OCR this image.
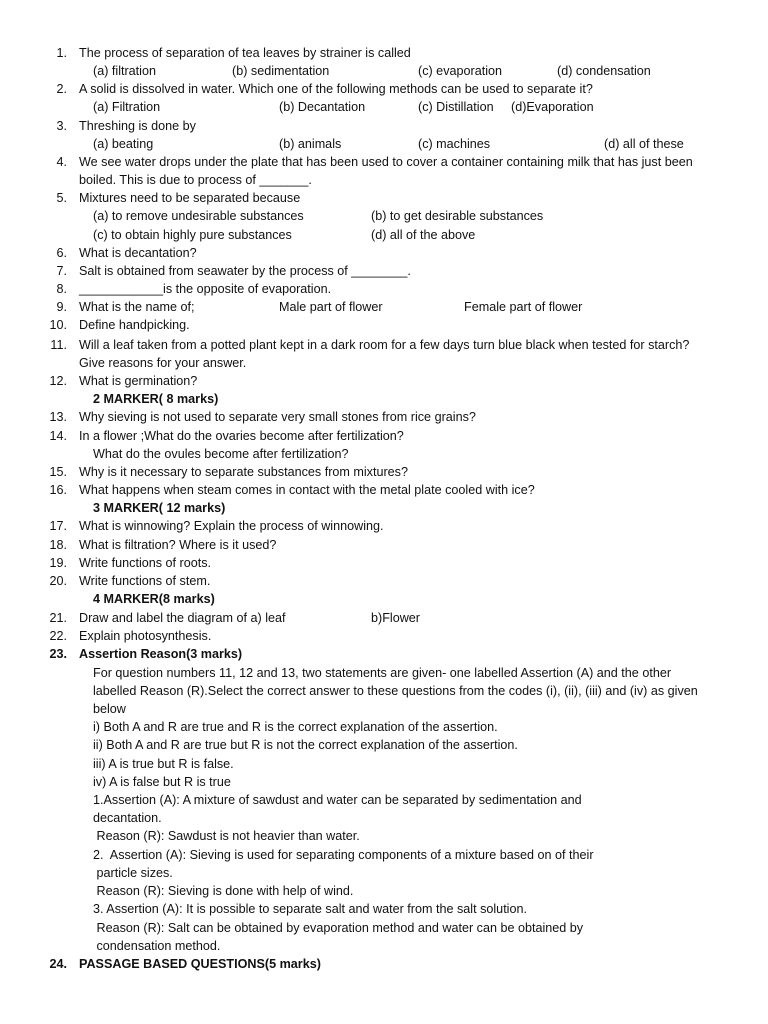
1. The process of separation of tea leaves by strainer is called
(a) filtration	(b) sedimentation	(c) evaporation	(d) condensation
2. A solid is dissolved in water. Which one of the following methods can be used to separate it?
(a) Filtration	(b) Decantation	(c) Distillation (d)Evaporation
3. Threshing is done by
(a) beating	(b) animals	(c) machines	(d) all of these
4. We see water drops under the plate that has been used to cover a container containing milk that has just been
boiled. This is due to process of _______.
5. Mixtures need to be separated because
(a) to remove undesirable substances	(b) to get desirable substances
(c) to obtain highly pure substances	(d) all of the above
6. What is decantation?
7. Salt is obtained from seawater by the process of ________.
8. ____________is the opposite of evaporation.
9. What is the name of;	Male part of flower	Female part of flower
10. Define handpicking.
11. Will a leaf taken from a potted plant kept in a dark room for a few days turn blue black when tested for starch?
Give reasons for your answer.
12. What is germination?
2 MARKER( 8 marks)
13. Why sieving is not used to separate very small stones from rice grains?
14. In a flower ;What do the ovaries become after fertilization?
What do the ovules become after fertilization?
15. Why is it necessary to separate substances from mixtures?
16. What happens when steam comes in contact with the metal plate cooled with ice?
3 MARKER( 12 marks)
17. What is winnowing? Explain the process of winnowing.
18. What is filtration? Where is it used?
19. Write functions of roots.
20. Write functions of stem.
4 MARKER(8 marks)
21. Draw and label the diagram of a) leaf	b)Flower
22. Explain photosynthesis.
23. Assertion Reason(3 marks)
For question numbers 11, 12 and 13, two statements are given- one labelled Assertion (A) and the other
labelled Reason (R).Select the correct answer to these questions from the codes (i), (ii), (iii) and (iv) as given
below
i) Both A and R are true and R is the correct explanation of the assertion.
ii) Both A and R are true but R is not the correct explanation of the assertion.
iii) A is true but R is false.
iv) A is false but R is true
1.Assertion (A): A mixture of sawdust and water can be separated by sedimentation and
decantation.
Reason (R): Sawdust is not heavier than water.
2.  Assertion (A): Sieving is used for separating components of a mixture based on of their
particle sizes.
Reason (R): Sieving is done with help of wind.
3. Assertion (A): It is possible to separate salt and water from the salt solution.
Reason (R): Salt can be obtained by evaporation method and water can be obtained by
condensation method.
24. PASSAGE BASED QUESTIONS(5 marks)
